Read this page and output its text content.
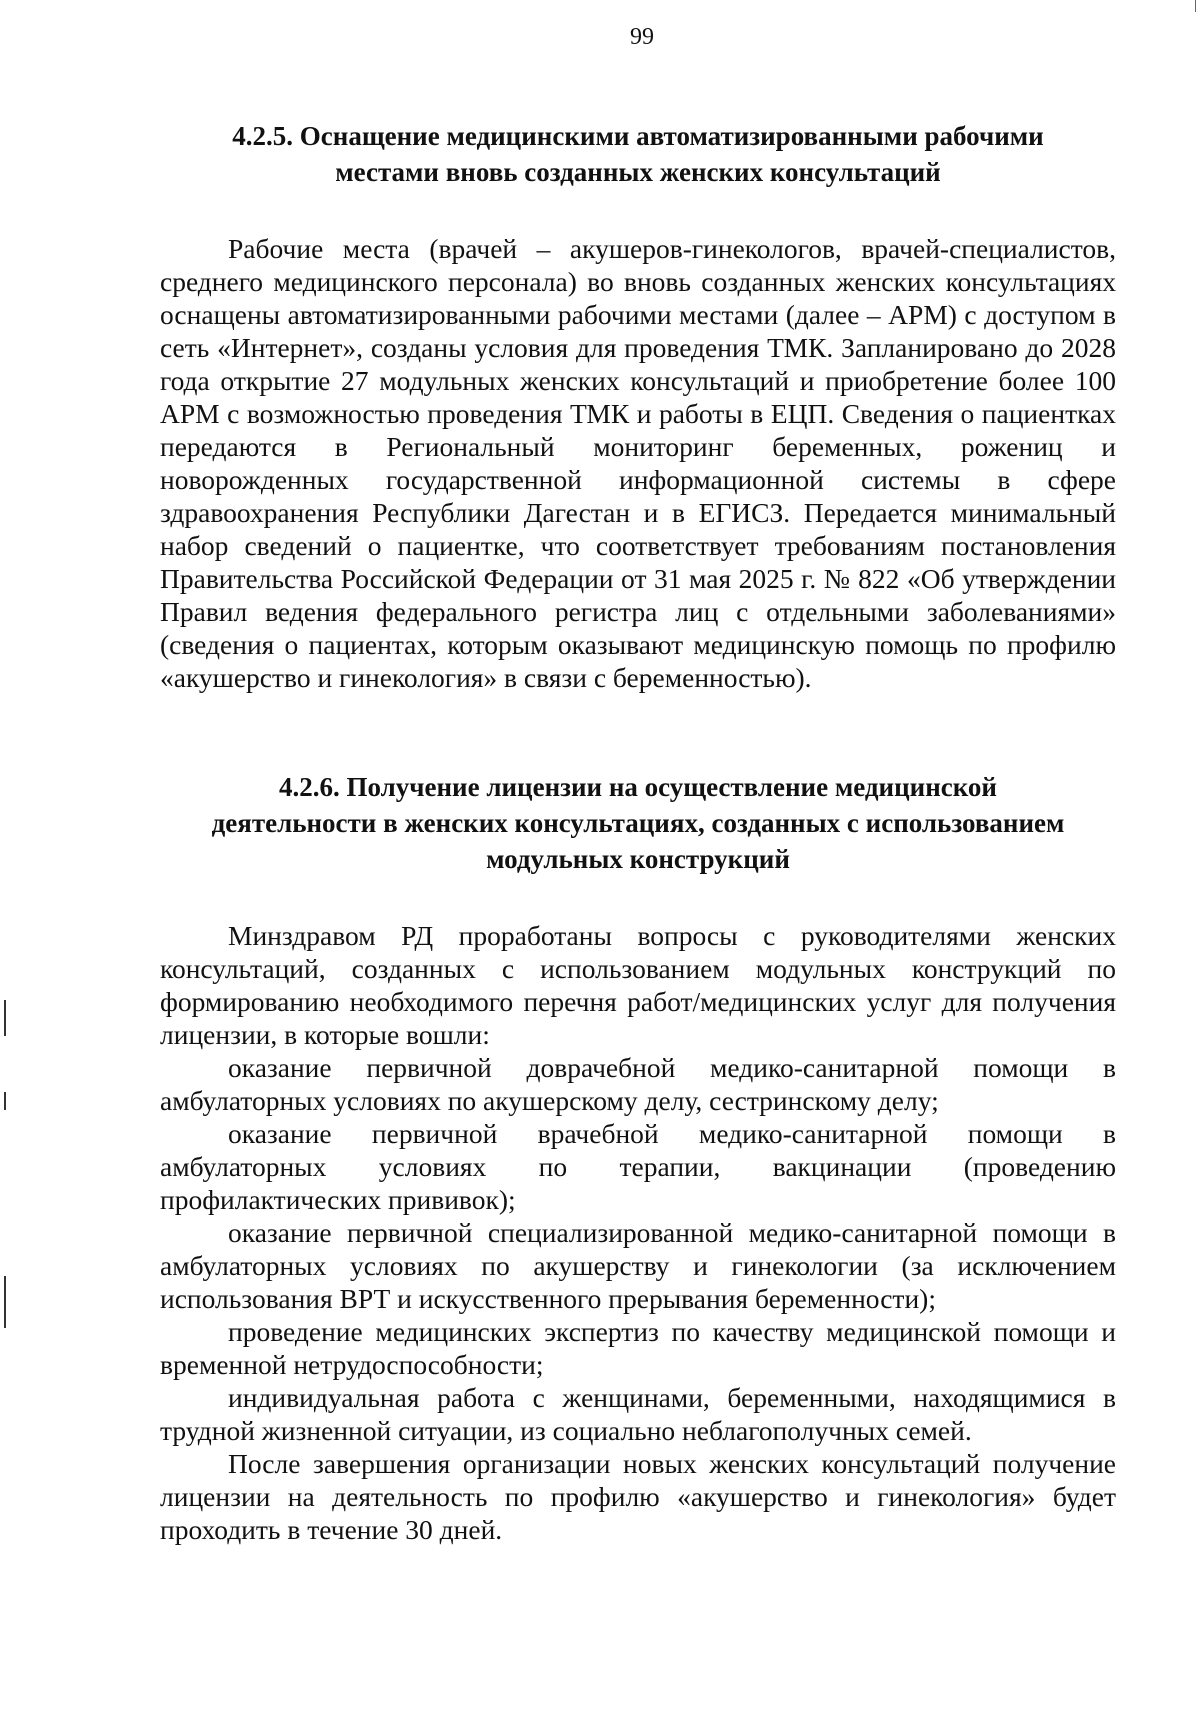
99
4.2.5. Оснащение медицинскими автоматизированными рабочими
местами вновь созданных женских консультаций

Рабочие места (врачей – акушеров-гинекологов, врачей-специалистов, среднего медицинского персонала) во вновь созданных женских консультациях оснащены автоматизированными рабочими местами (далее – АРМ) с доступом в сеть «Интернет», созданы условия для проведения ТМК. Запланировано до 2028 года открытие 27 модульных женских консультаций и приобретение более 100 АРМ с возможностью проведения ТМК и работы в ЕЦП. Сведения о пациентках передаются в Региональный мониторинг беременных, рожениц и новорожденных государственной информационной системы в сфере здравоохранения Республики Дагестан и в ЕГИСЗ. Передается минимальный набор сведений о пациентке, что соответствует требованиям постановления Правительства Российской Федерации от 31 мая 2025 г. № 822 «Об утверждении Правил ведения федерального регистра лиц с отдельными заболеваниями» (сведения о пациентах, которым оказывают медицинскую помощь по профилю «акушерство и гинекология» в связи с беременностью).

4.2.6. Получение лицензии на осуществление медицинской
деятельности в женских консультациях, созданных с использованием
модульных конструкций

Минздравом РД проработаны вопросы с руководителями женских консультаций, созданных с использованием модульных конструкций по формированию необходимого перечня работ/медицинских услуг для получения лицензии, в которые вошли:

оказание первичной доврачебной медико-санитарной помощи в амбулаторных условиях по акушерскому делу, сестринскому делу;

оказание первичной врачебной медико-санитарной помощи в амбулаторных условиях по терапии, вакцинации (проведению профилактических прививок);

оказание первичной специализированной медико-санитарной помощи в амбулаторных условиях по акушерству и гинекологии (за исключением использования ВРТ и искусственного прерывания беременности);

проведение медицинских экспертиз по качеству медицинской помощи и временной нетрудоспособности;

индивидуальная работа с женщинами, беременными, находящимися в трудной жизненной ситуации, из социально неблагополучных семей.

После завершения организации новых женских консультаций получение лицензии на деятельность по профилю «акушерство и гинекология» будет проходить в течение 30 дней.
